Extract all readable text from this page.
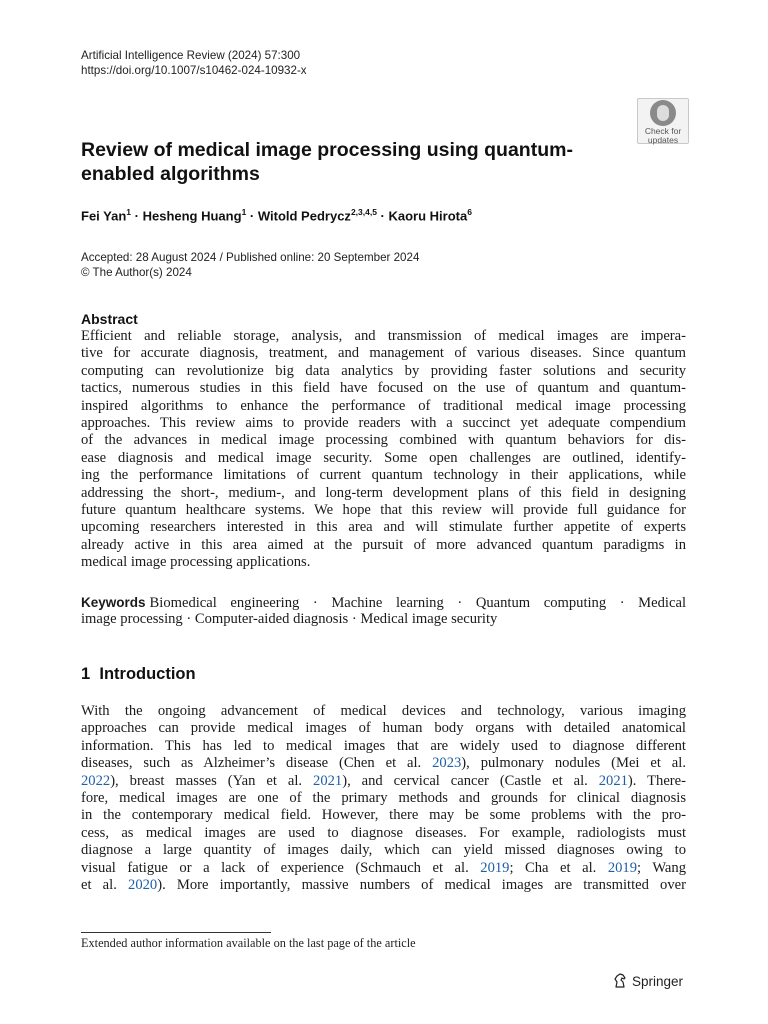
Artificial Intelligence Review (2024) 57:300
https://doi.org/10.1007/s10462-024-10932-x
Check for
updates
Review of medical image processing using quantum-enabled algorithms
Fei Yan$^1$ · Hesheng Huang$^1$ · Witold Pedrycz$^{2,3,4,5}$ · Kaoru Hirota$^6$
Accepted: 28 August 2024 / Published online: 20 September 2024
© The Author(s) 2024
Abstract
Efficient and reliable storage, analysis, and transmission of medical images are impera-
tive for accurate diagnosis, treatment, and management of various diseases. Since quantum
computing can revolutionize big data analytics by providing faster solutions and security
tactics, numerous studies in this field have focused on the use of quantum and quantum-
inspired algorithms to enhance the performance of traditional medical image processing
approaches. This review aims to provide readers with a succinct yet adequate compendium
of the advances in medical image processing combined with quantum behaviors for dis-
ease diagnosis and medical image security. Some open challenges are outlined, identify-
ing the performance limitations of current quantum technology in their applications, while
addressing the short-, medium-, and long-term development plans of this field in designing
future quantum healthcare systems. We hope that this review will provide full guidance for
upcoming researchers interested in this area and will stimulate further appetite of experts
already active in this area aimed at the pursuit of more advanced quantum paradigms in
medical image processing applications.
Keywords Biomedical engineering · Machine learning · Quantum computing · Medical
image processing · Computer-aided diagnosis · Medical image security
1 Introduction
With the ongoing advancement of medical devices and technology, various imaging
approaches can provide medical images of human body organs with detailed anatomical
information. This has led to medical images that are widely used to diagnose different
diseases, such as Alzheimer’s disease (Chen et al. 2023), pulmonary nodules (Mei et al.
2022), breast masses (Yan et al. 2021), and cervical cancer (Castle et al. 2021). There-
fore, medical images are one of the primary methods and grounds for clinical diagnosis
in the contemporary medical field. However, there may be some problems with the pro-
cess, as medical images are used to diagnose diseases. For example, radiologists must
diagnose a large quantity of images daily, which can yield missed diagnoses owing to
visual fatigue or a lack of experience (Schmauch et al. 2019; Cha et al. 2019; Wang
et al. 2020). More importantly, massive numbers of medical images are transmitted over
Extended author information available on the last page of the article
Springer
